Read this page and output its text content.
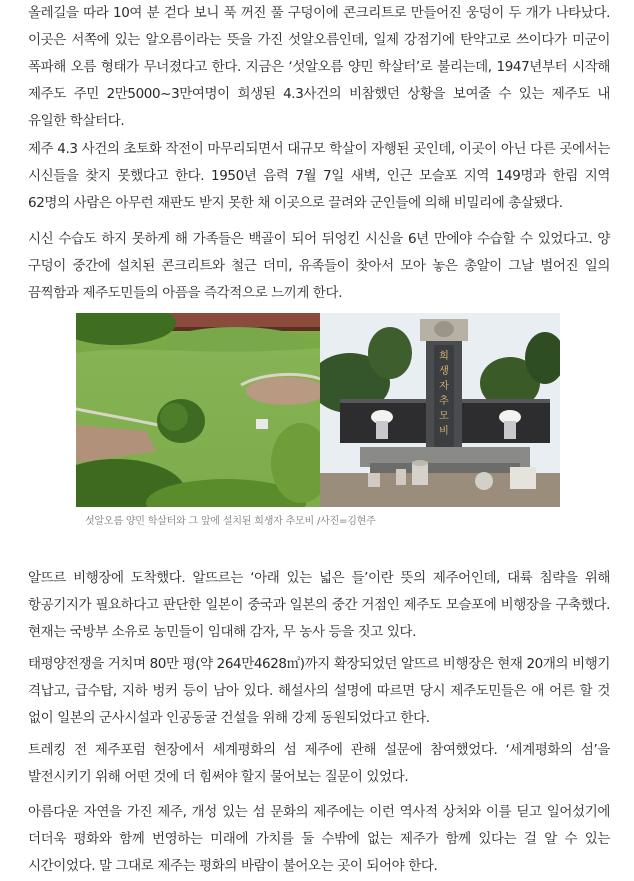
올레길을 따라 10여 분 걷다 보니 푹 꺼진 풀 구덩이에 콘크리트로 만들어진 웅덩이 두 개가 나타났다. 이곳은 서쪽에 있는 알오름이라는 뜻을 가진 섯알오름인데, 일제 강점기에 탄약고로 쓰이다가 미군이 폭파해 오름 형태가 무너졌다고 한다. 지금은 ‘섯알오름 양민 학살터’로 불리는데, 1947년부터 시작해 제주도 주민 2만5000~3만여명이 희생된 4.3사건의 비참했던 상황을 보여줄 수 있는 제주도 내 유일한 학살터다.

제주 4.3 사건의 초토화 작전이 마무리되면서 대규모 학살이 자행된 곳인데, 이곳이 아닌 다른 곳에서는 시신들을 찾지 못했다고 한다. 1950년 음력 7월 7일 새벽, 인근 모슬포 지역 149명과 한림 지역 62명의 사람은 아무런 재판도 받지 못한 채 이곳으로 끌려와 군인들에 의해 비밀리에 총살됐다.

시신 수습도 하지 못하게 해 가족들은 백골이 되어 뒤엉킨 시신을 6년 만에야 수습할 수 있었다고. 양 구덩이 중간에 설치된 콘크리트와 철근 더미, 유족들이 찾아서 모아 놓은 총알이 그날 벌어진 일의 끔찍함과 제주도민들의 아픔을 즉각적으로 느끼게 한다.

알뜨르 비행장에 도착했다. 알뜨르는 ‘아래 있는 넓은 들’이란 뜻의 제주어인데, 대륙 침략을 위해 항공기지가 필요하다고 판단한 일본이 중국과 일본의 중간 거점인 제주도 모슬포에 비행장을 구축했다. 현재는 국방부 소유로 농민들이 임대해 감자, 무 농사 등을 짓고 있다.

태평양전쟁을 거치며 80만 평(약 264만4628㎡)까지 확장되었던 알뜨르 비행장은 현재 20개의 비행기 격납고, 급수탑, 지하 벙커 등이 남아 있다. 해설사의 설명에 따르면 당시 제주도민들은 애 어른 할 것 없이 일본의 군사시설과 인공동굴 건설을 위해 강제 동원되었다고 한다.

트레킹 전 제주포럼 현장에서 세계평화의 섬 제주에 관해 설문에 참여했었다. ‘세계평화의 섬’을 발전시키기 위해 어떤 것에 더 힘써야 할지 물어보는 질문이 있었다.

아름다운 자연을 가진 제주, 개성 있는 섬 문화의 제주에는 이런 역사적 상처와 이를 딛고 일어섰기에 더더욱 평화와 함께 번영하는 미래에 가치를 둘 수밖에 없는 제주가 함께 있다는 걸 알 수 있는 시간이었다. 말 그대로 제주는 평화의 바람이 불어오는 곳이 되어야 한다.

희 생 자 추 모 비
섯알오름 양민 학살터와 그 앞에 설치된 희생자 추모비 /사진=김현주
